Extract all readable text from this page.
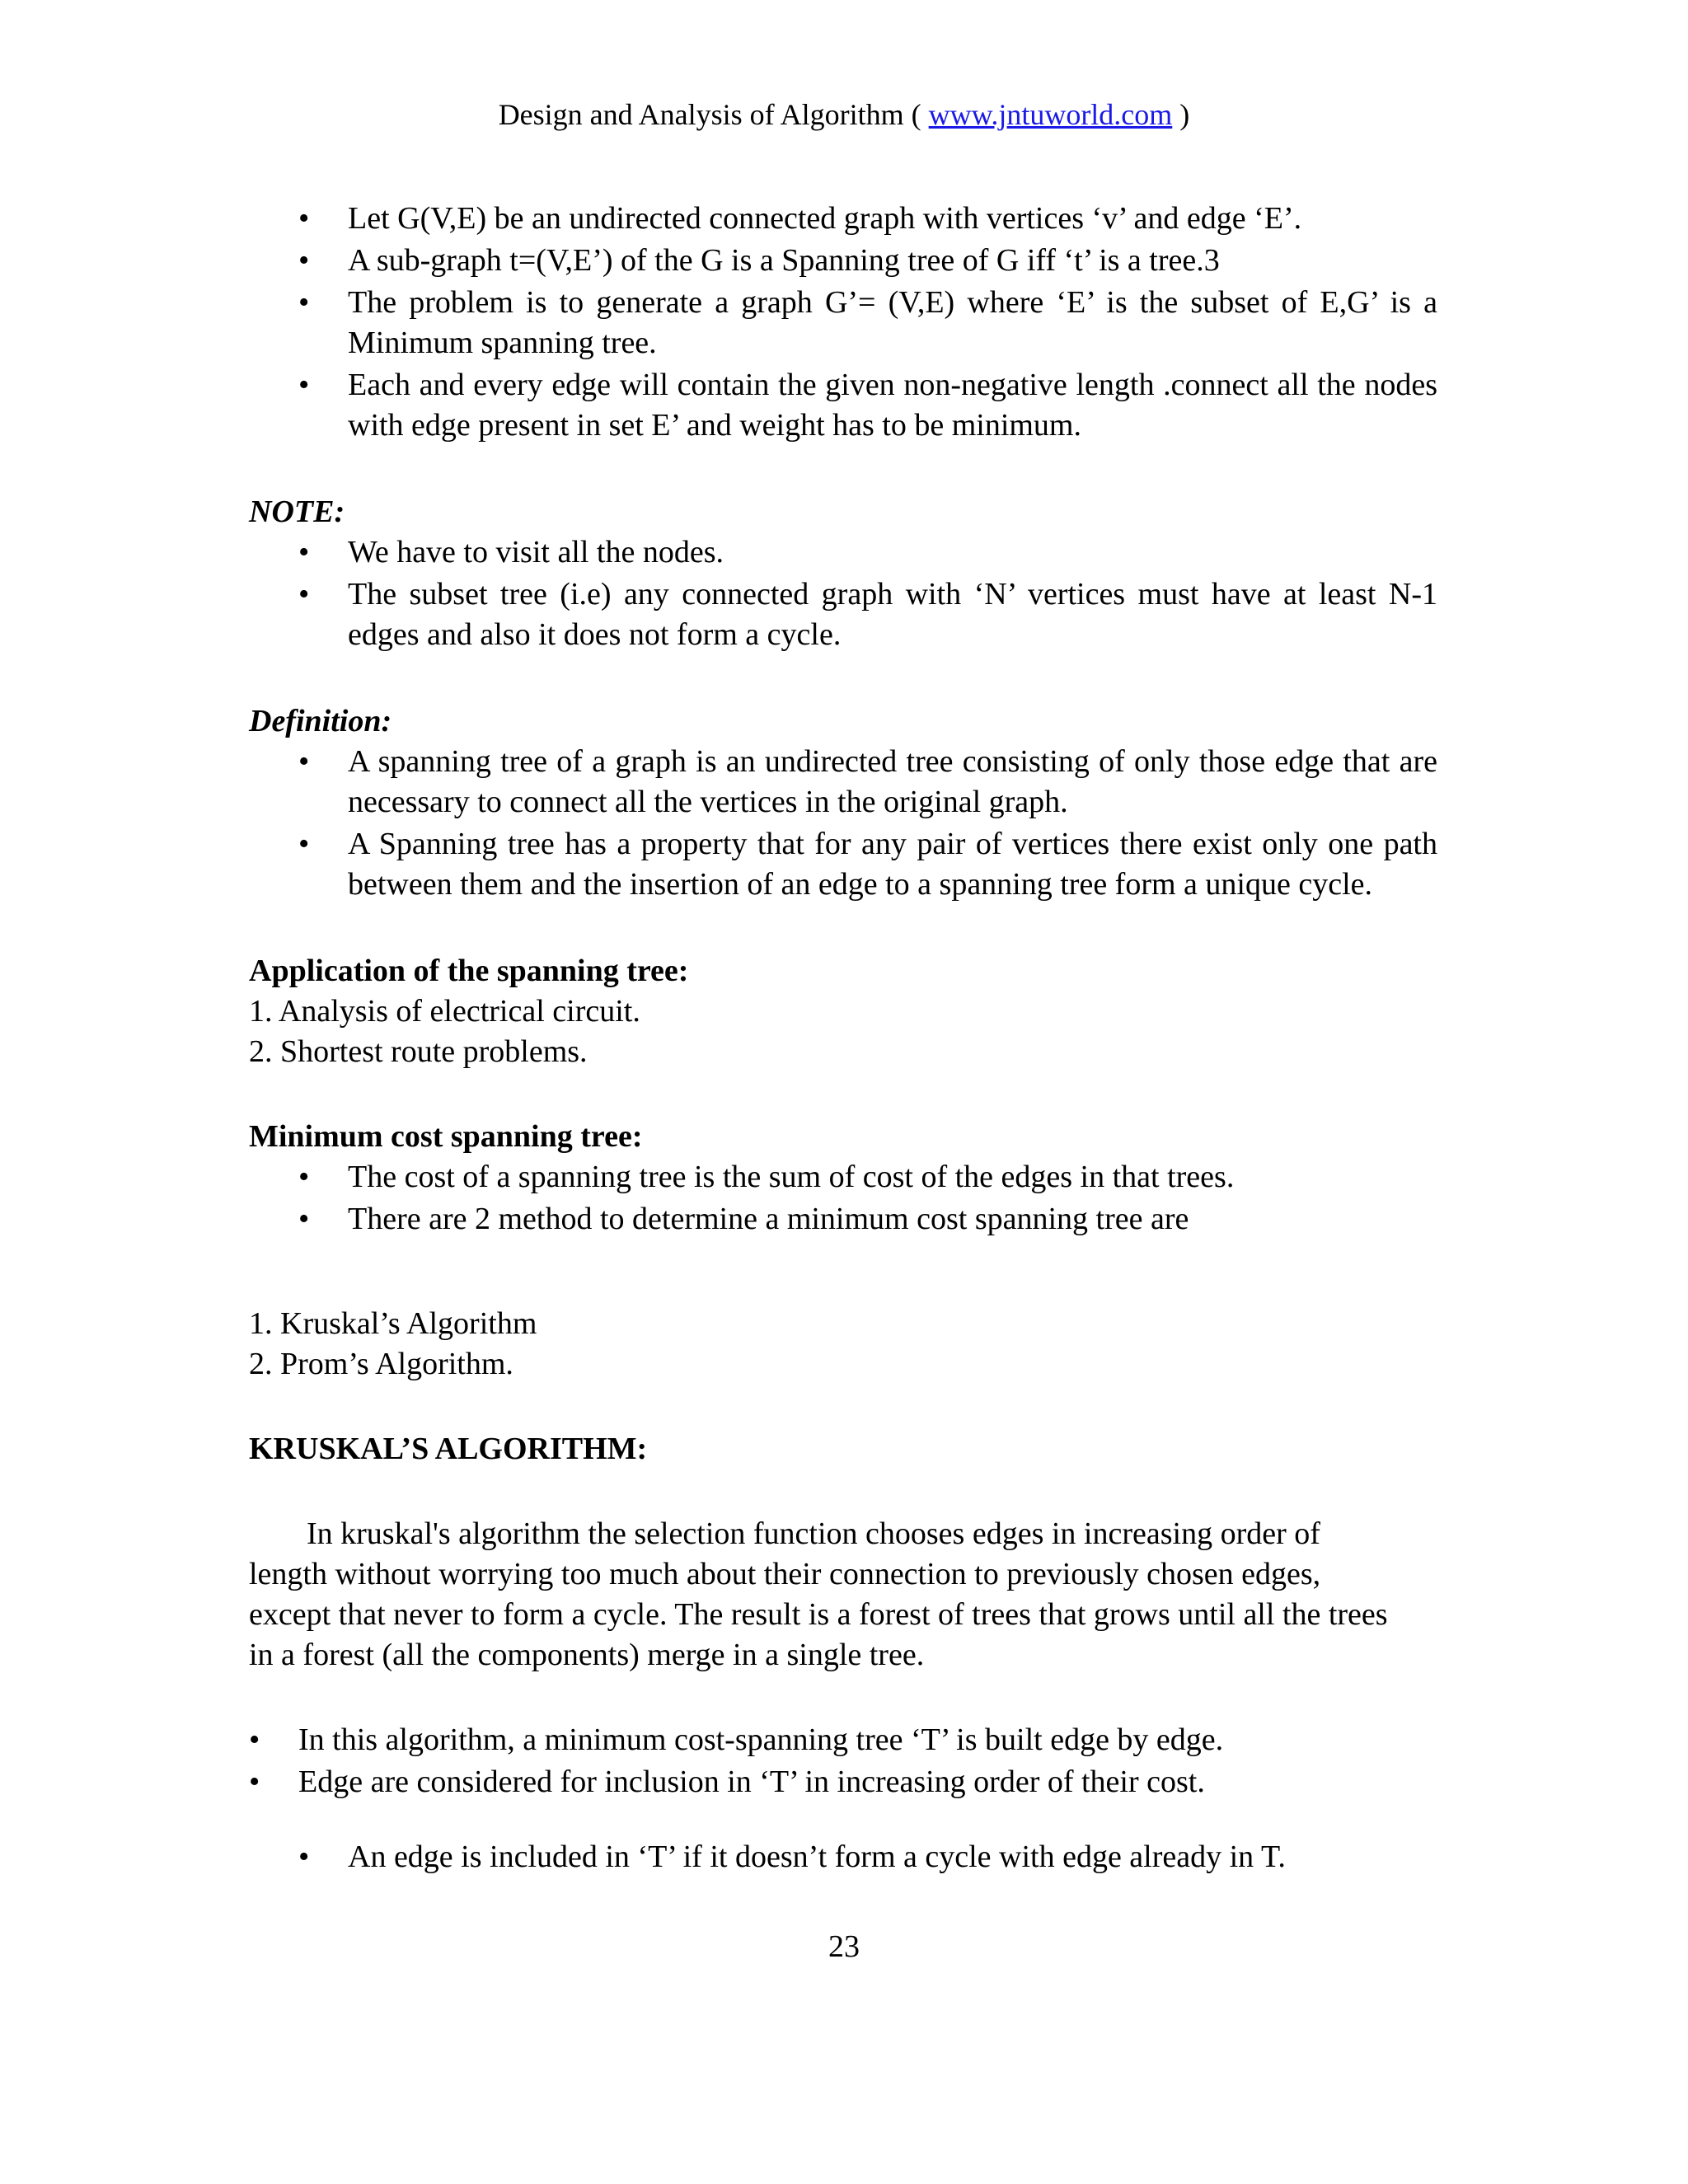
Design and Analysis of Algorithm ( www.jntuworld.com )
• Let G(V,E) be an undirected connected graph with vertices ‘v’ and edge ‘E’.
• A sub-graph t=(V,E’) of the G is a Spanning tree of G iff ‘t’ is a tree.3
• The problem is to generate a graph G’= (V,E) where ‘E’ is the subset of E,G’ is a Minimum spanning tree.
• Each and every edge will contain the given non-negative length .connect all the nodes with edge present in set E’ and weight has to be minimum.
NOTE:
• We have to visit all the nodes.
• The subset tree (i.e) any connected graph with ‘N’ vertices must have at least N-1 edges and also it does not form a cycle.
Definition:
• A spanning tree of a graph is an undirected tree consisting of only those edge that are necessary to connect all the vertices in the original graph.
• A Spanning tree has a property that for any pair of vertices there exist only one path between them and the insertion of an edge to a spanning tree form a unique cycle.
Application of the spanning tree:

1. Analysis of electrical circuit.

2. Shortest route problems.

Minimum cost spanning tree:
• The cost of a spanning tree is the sum of cost of the edges in that trees.
• There are 2 method to determine a minimum cost spanning tree are

1. Kruskal’s Algorithm

2. Prom’s Algorithm.

KRUSKAL’S ALGORITHM:

In kruskal's algorithm the selection function chooses edges in increasing order of length without worrying too much about their connection to previously chosen edges, except that never to form a cycle. The result is a forest of trees that grows until all the trees in a forest (all the components) merge in a single tree.

• In this algorithm, a minimum cost-spanning tree ‘T’ is built edge by edge.
• Edge are considered for inclusion in ‘T’ in increasing order of their cost.
• An edge is included in ‘T’ if it doesn’t form a cycle with edge already in T.
23
